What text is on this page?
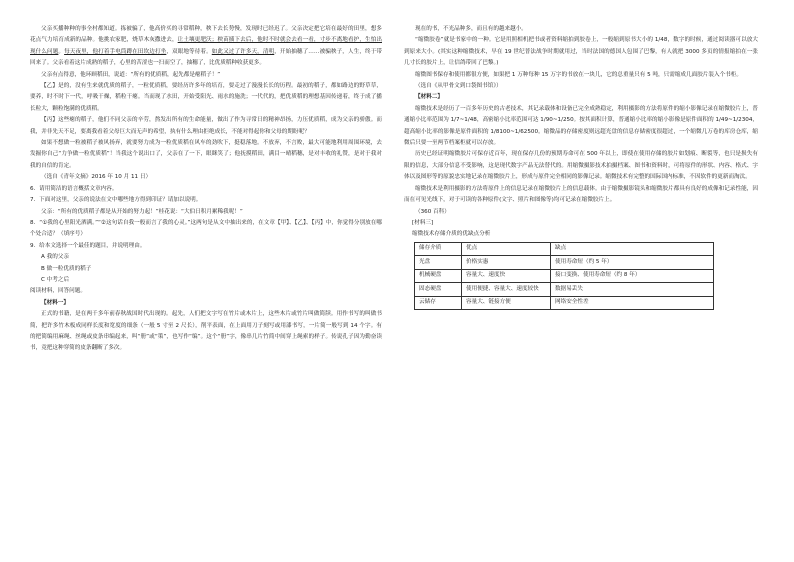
父亲买播种种的事全村都知道。拣被骗了，他高价买的寻常稻种，秧下去长势慢，发现时已经迟了。父亲决定把它培在最好的田里，想多花点气力培育成新的品种。他挑农家肥，烧草木灰撒进去，让土壤更肥沃；秧苗插下去后，他时不时就会去看一看，寸步不离地看护，生怕出现什么问题。每天夜里，他打着手电筒蹲在田坎边打坐，双眼地等待着。如此又过了许多天，清明，开始抽穗了……被骗秧子，人生，终于带回来了。父亲看着这片成熟的稻子，心里的苦涩也一扫而空了，抽穗了，比优质稻种收获更多。

父亲有点得意，他环顾稻田，说道：“所有的优质稻，起先都是瘪稻子！”

【乙】是的，没有生来就优质的稻子，一粒优质稻，要经历许多年的培育，要走过了漫漫长长的历程。最初的稻子，都如路边的野草草，要养，时不时下一代，呼吸干燥，稻粒干瘪。当而现了水田，开始受阳光、雨水的施洗；一代代的，把优质稻的理想基因传递着，终于成了播长粒大，颗粒饱满的优质稻。

【丙】这些瘪的稻子，他们不同父亲的辛劳，熬发出所有的生命能量，做出了作为寻常日的精神昂扬，力压优质稻，成为父亲的骄傲。而我，并非先天不足，要离我看着父母巨大而无声的希望，执有什么理由拒绝成长，不能对得起你和父母的期盼呢？

如果不想做一粒被稻子被风扬弃，就要努力成为一粒优质稻在风车的劲吹下，挺稳落地。不放弃，不言败，最大可能地利用周围环境，去发掘你自己“力争做一粒优质稻”！当我这个说出口了，父亲在了一下，眼眯笑了；他抚摸稻田，满目一晴稻穗，是对丰收的礼赞，是对于我对我的自信的肯定。

（选自《青年文摘》2016 年 10 月 11 日）

6．请用简洁的语言概括文章内容。

7．下面对这里，父亲的说法在文中哪些地方得到印证？请加以说明。

父亲：“所有的优质稻子都是从开始的努力起！”桂花说：“大伯日积月累稀我呢！”

8．“①我的心里阳光洒满。”“②这句话自我一般而言了我的心灵。”这两句是从文中抽出来的，在文章【甲】、【乙】、【丙】中，你觉得分别放在哪个处合适？（填序号）

9．给本文选择一个最佳的题目，并说明理由。

A 我的父亲

B 做一粒优质的稻子

C 中考之后

阅读材料，回答问题。

【材料一】

正式的书籍，是在两千多年前春秋战国时代出现的。起先，人们把文字写在竹片或木片上，这些木片或竹片叫做简牍。用作书写的叫做书简，把许多竹木板成同样长度和宽度的细条（一般 5 寸至 2 尺长），削平表面，在上面用刀子刻写或用漆书写，一片简一般写到 14 个字。有的把简编用麻绳、丝绳或皮条串编起来，叫“册”或“策”，也写作“编”。这个“册”字，像串几片竹简中间穿上绳索的样子。传说孔子因为勤奋读书，竟把这种穿简的皮条翻断了多次。

现在的书，不光品种多，而且有的越来越小。

“缩微胶卷”就是书家中的一种。它是用照相机把书或者资料缩拍到胶卷上，一般缩到原书大小的 1/48，数字的时候，通过阅读器可以放大到原来大小。(其实这种缩微技术，早在 19 世纪普法战争时期就用过，当时法国的德国人包围了巴黎，有人就把 3000 多页的情报缩拍在一张几寸长的胶片上，让信鸽带回了巴黎。)

缩微图书保存和使用都很方便，如果把 1 万种每种 15 万字的书放在一块儿，它的总重量只有 5 吨，只需缩成几面胶片装入个书柜。

（选自《从甲骨文到口袋图书馆》）

【材料二】

缩微技术是经历了一百多年历史的古老技术，其记录载体和设备已完全成熟稳定，利用摄影的方法将原件的缩小影像记录在缩微胶片上，普通缩小比率范围为 1/7~1/48，高密缩小比率范围可达 1/90~1/250。按其面积计算，普通缩小比率的缩小影像是原件面积的 1/49~1/2304，超高缩小比率的影像是原件面积的 1/8100~1/62500。缩微品的存储密度则远超光盘的信息存储密度很超过，一个缩微几万卷的库房仓库，缩微后只要一至两节档案柜就可以存放。

历史已经证明缩微胶片可保存近百年，现在保存几份的预期寿命可在 500 年以上，即使在使用存储的胶片如划痕、断裂等，也只是损失有限的信息，大部分信息不受影响，这是现代数字产品无法替代的。用缩微摄影技术拍摄档案、图书和资料时，可将原件的形状、内容、格式、字体以及图形等的原貌忠实地记录在缩微胶片上，形成与原件完全相同的影像记录。缩微技术有完整的国际国内标准，不因软件的更新而淘汰。

缩微技术是利用摄影的方法将原件上的信息记录在缩微胶片上的信息载体。由于缩微摄影镜头和缩微胶片都具有良好的成像和记录性能，因而在可见光线下，对于可读的各种原件(文字、照片和图像等)均可记录在缩微胶片上。

（360 百科）

[材料三]

缩微技术存储介质的优缺点分析

储存介质	优点	缺点
光盘	价格实惠	使用寿命短（约 5 年）
机械硬盘	容量大、速度快	接口变换、使用寿命短（约 8 年）
固态硬盘	使用便捷、容量大、速度较快	数据易丢失
云储存	容量大、链接方便	网络安全性差
